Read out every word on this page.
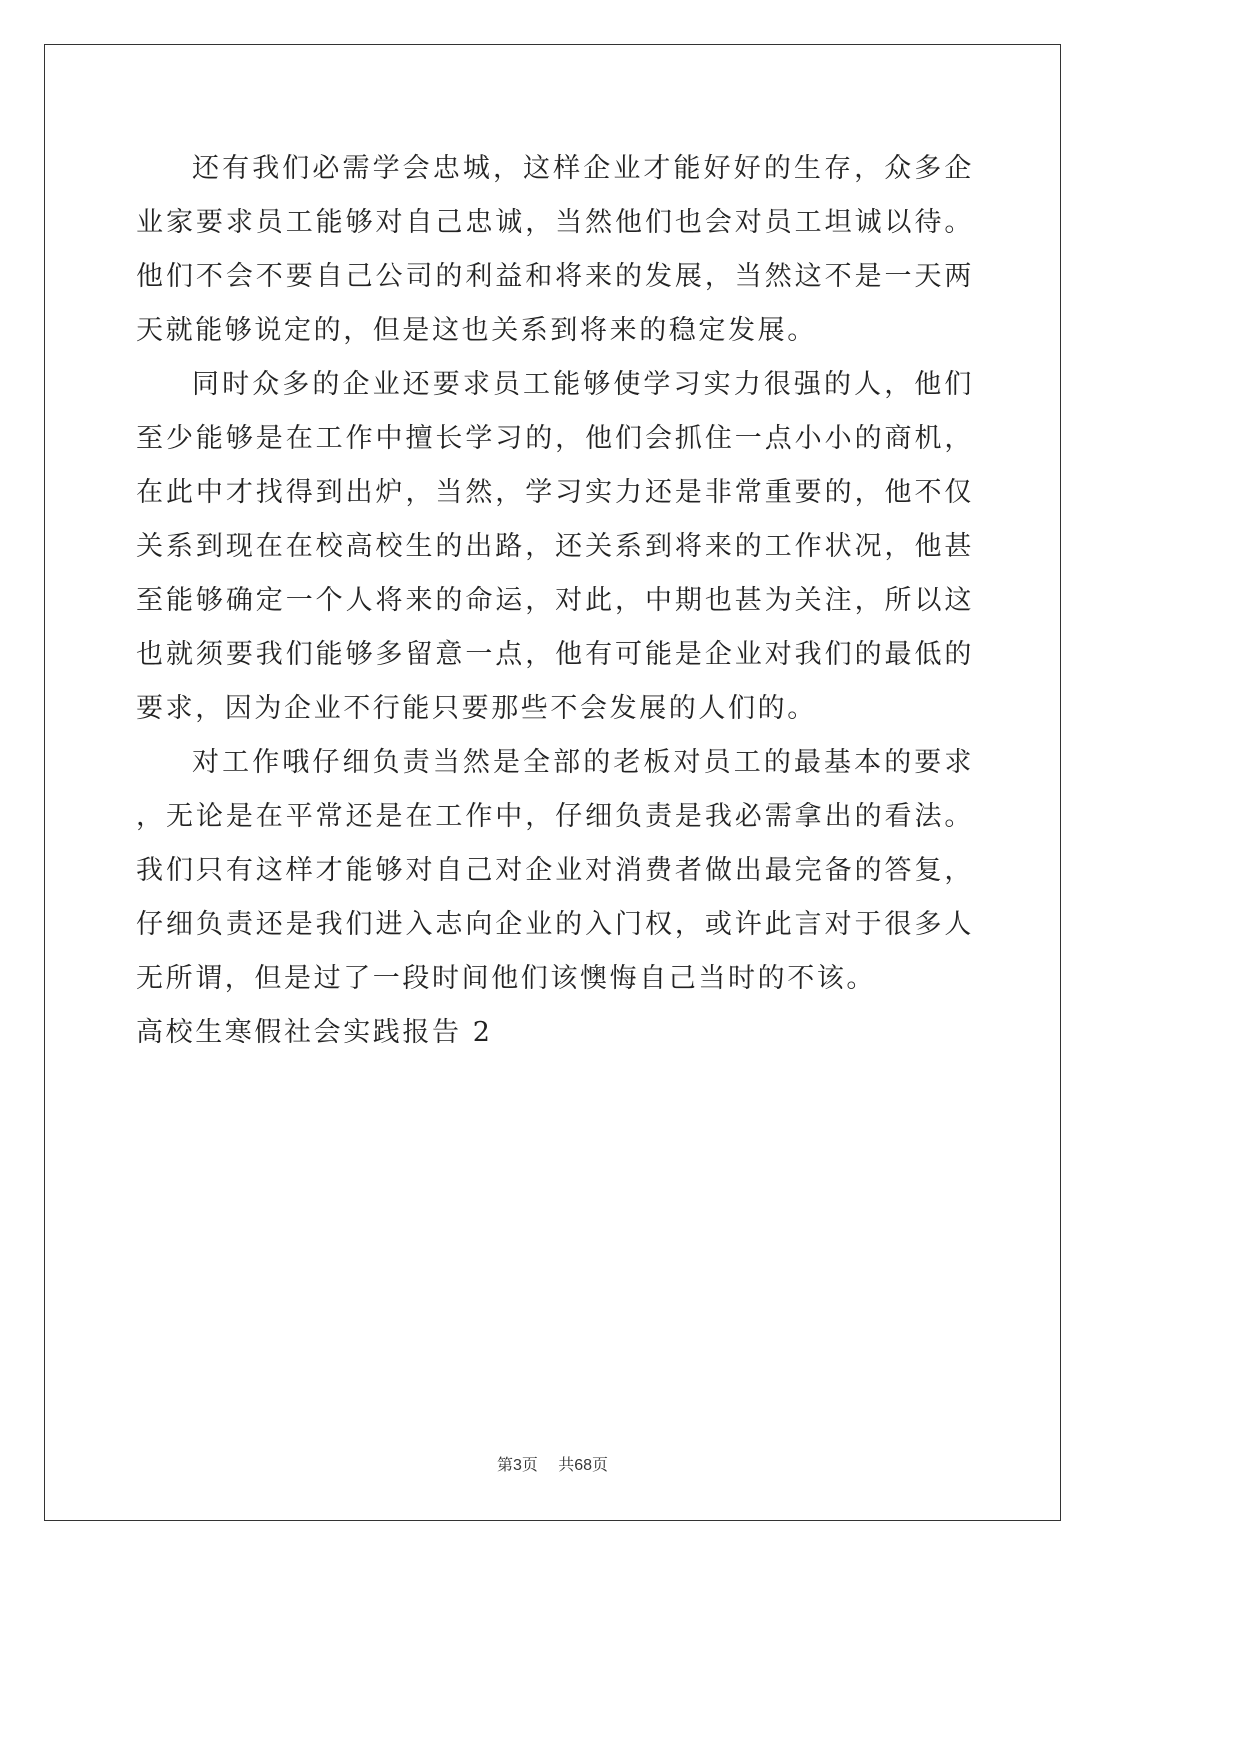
还有我们必需学会忠城，这样企业才能好好的生存，众多企业家要求员工能够对自己忠诚，当然他们也会对员工坦诚以待。他们不会不要自己公司的利益和将来的发展，当然这不是一天两天就能够说定的，但是这也关系到将来的稳定发展。

同时众多的企业还要求员工能够使学习实力很强的人，他们至少能够是在工作中擅长学习的，他们会抓住一点小小的商机，在此中才找得到出炉，当然，学习实力还是非常重要的，他不仅关系到现在在校高校生的出路，还关系到将来的工作状况，他甚至能够确定一个人将来的命运，对此，中期也甚为关注，所以这也就须要我们能够多留意一点，他有可能是企业对我们的最低的要求，因为企业不行能只要那些不会发展的人们的。

对工作哦仔细负责当然是全部的老板对员工的最基本的要求，无论是在平常还是在工作中，仔细负责是我必需拿出的看法。我们只有这样才能够对自己对企业对消费者做出最完备的答复，仔细负责还是我们进入志向企业的入门权，或许此言对于很多人无所谓，但是过了一段时间他们该懊悔自己当时的不该。

高校生寒假社会实践报告 2

第3页 共68页
